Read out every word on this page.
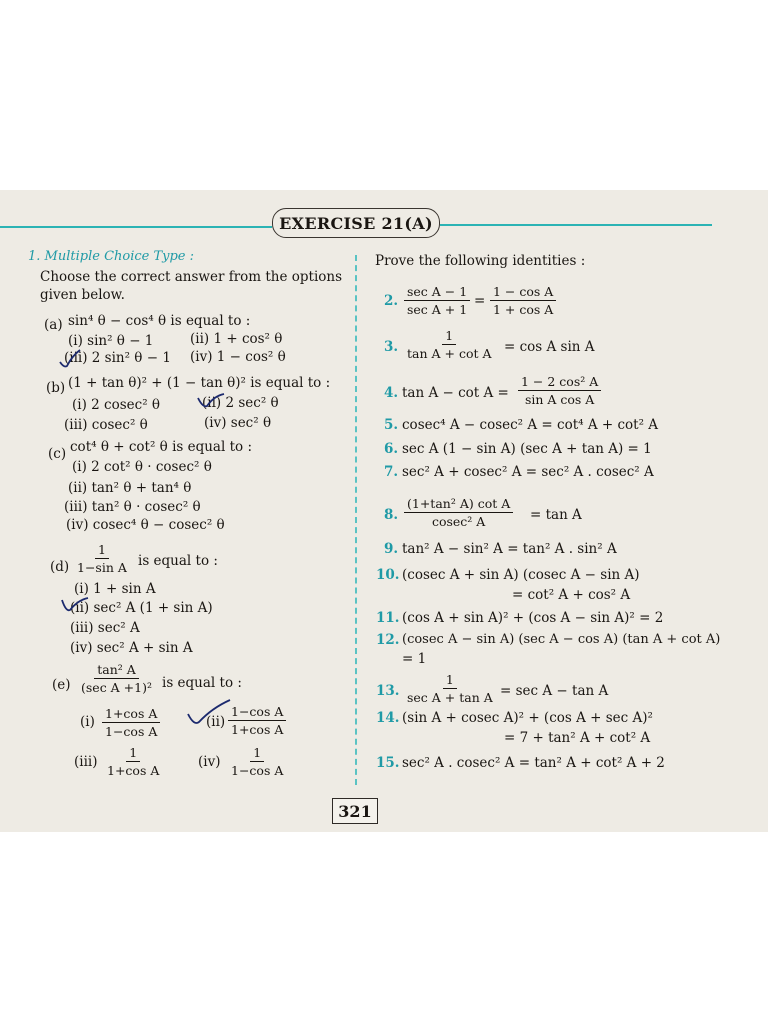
EXERCISE 21(A)
1. Multiple Choice Type :
Choose the correct answer from the options
given below.
(a) sin⁴ θ − cos⁴ θ is equal to :
(i) sin² θ − 1	(ii) 1 + cos² θ
(iii) 2 sin² θ − 1 (iv) 1 − cos² θ
(b) (1 + tan θ)² + (1 − tan θ)² is equal to :
(i) 2 cosec² θ	(ii) 2 sec² θ
(iii) cosec² θ	(iv) sec² θ
(c) cot⁴ θ + cot² θ is equal to :
(i) 2 cot² θ · cosec² θ
(ii) tan² θ + tan⁴ θ
(iii) tan² θ · cosec² θ
(iv) cosec⁴ θ − cosec² θ
$(d) \frac{1}{\text{1−sin A}}$ is equal to :
(i) 1 + sin A
(ii) sec² A (1 + sin A)
(iii) sec² A
(iv) sec² A + sin A
(e)
tan² A
(sec A +1)² is equal to :
$(i) \frac{\text{1+cos A}}{\text{1−cos A}}$	$(ii) \frac{\text{1−cos A}}{\text{1+cos A}}$
$(iii) \frac{1}{\text{1+cos A}}$	$(iv) \frac{1}{\text{1−cos A}}$
Prove the following identities :
2.
sec A − 1
sec A + 1
= $\frac{\text{1 − cos A}}{\text{1 + cos A}}$
3. $\frac{1}{\text{tan A + cot A}} = \cos A$ sin A
4. $\tan A - \cot A = \frac{\text{1 − 2 cos² A}}{\text{sin A cos A}}$
5. cosec⁴ A − cosec² A = cot⁴ A + cot² A
6. sec A (1 − sin A) (sec A + tan A) = 1
7. sec² A + cosec² A = sec² A . cosec² A
8. $\frac{\text{(1+tan² A) cot A}}{\text{cosec² A}} = \tan A$
9. tan² A − sin² A = tan² A . sin² A
10. (cosec A + sin A) (cosec A − sin A)
= cot² A + cos² A
11. (cos A + sin A)² + (cos A − sin A)² = 2
12. (cosec A − sin A) (sec A − cos A) (tan A + cot A)
= 1
13.
1
sec A + tan A = sec A − tan A
14. (sin A + cosec A)² + (cos A + sec A)²
= 7 + tan² A + cot² A
15. sec² A . cosec² A = tan² A + cot² A + 2
321
